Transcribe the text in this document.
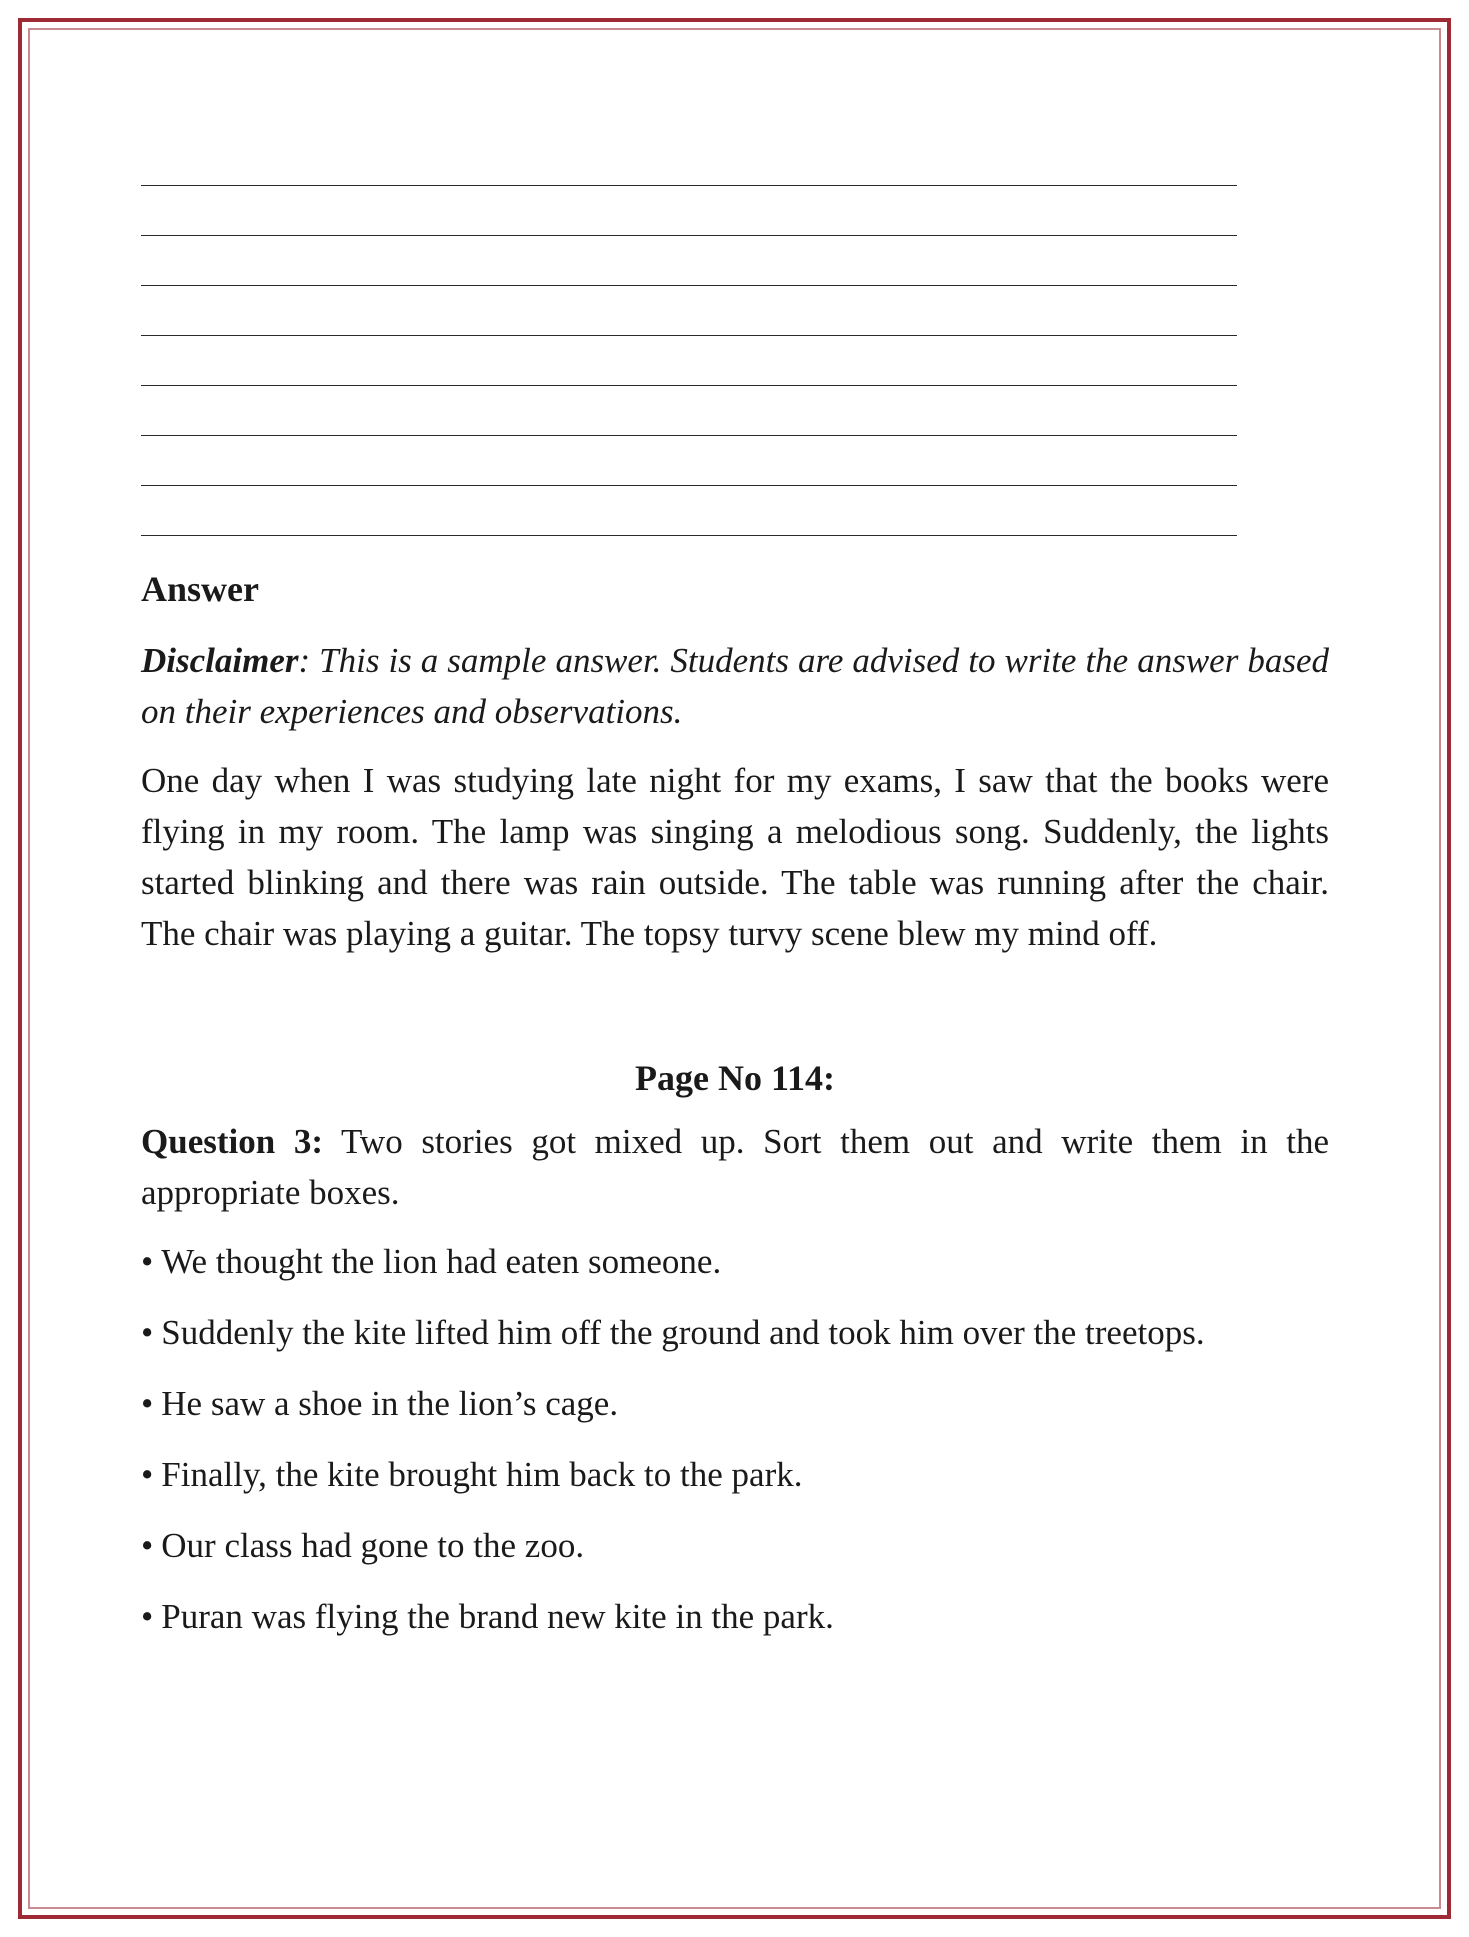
Answer

Disclaimer: This is a sample answer. Students are advised to write the answer based on their experiences and observations.

One day when I was studying late night for my exams, I saw that the books were flying in my room. The lamp was singing a melodious song. Suddenly, the lights started blinking and there was rain outside. The table was running after the chair. The chair was playing a guitar. The topsy turvy scene blew my mind off.

Page No 114:

Question 3: Two stories got mixed up. Sort them out and write them in the appropriate boxes.

• We thought the lion had eaten someone.
• Suddenly the kite lifted him off the ground and took him over the treetops.
• He saw a shoe in the lion’s cage.
• Finally, the kite brought him back to the park.
• Our class had gone to the zoo.
• Puran was flying the brand new kite in the park.
